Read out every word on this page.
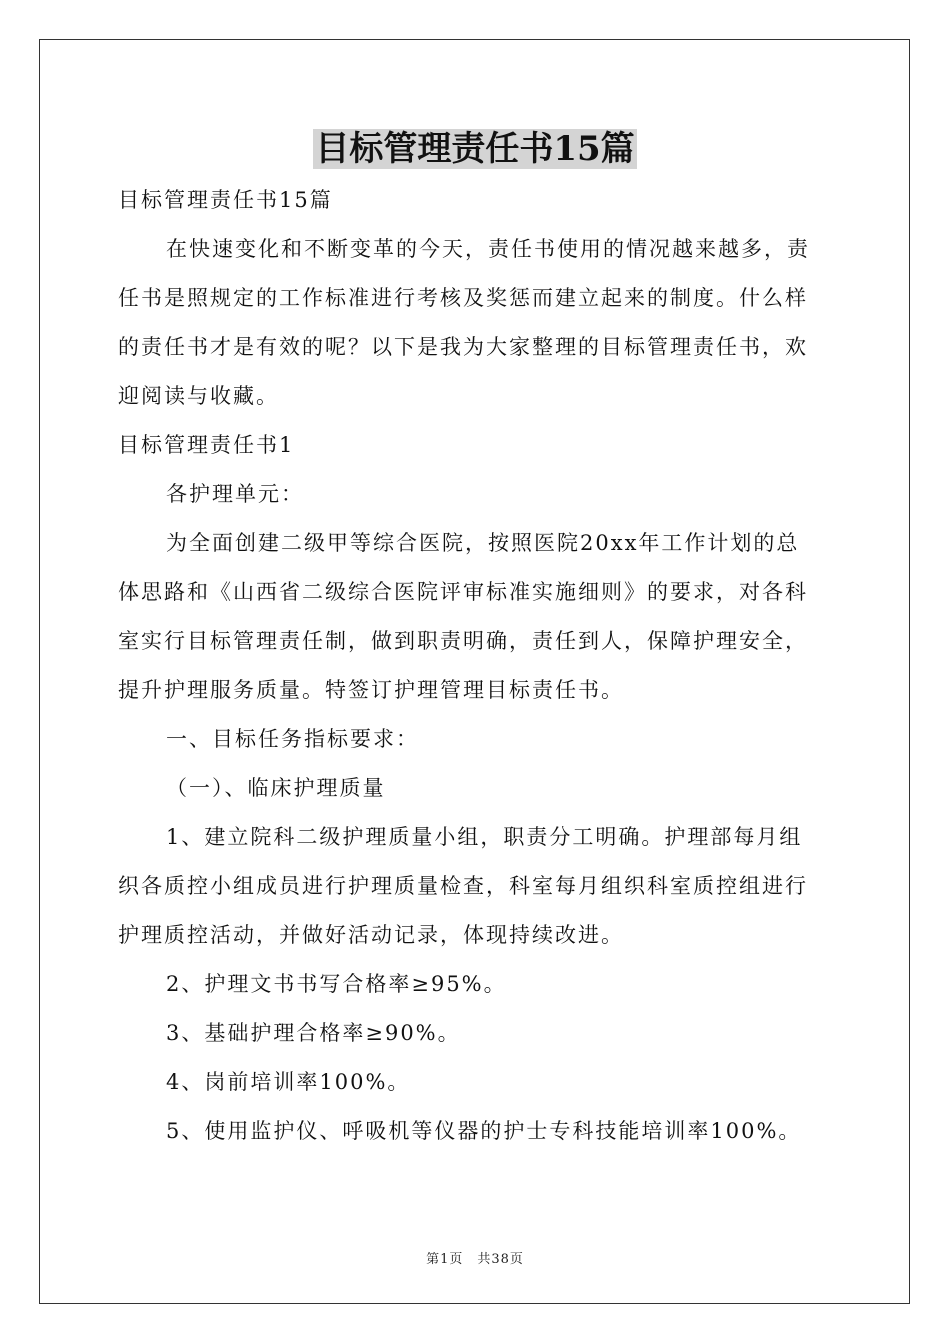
目标管理责任书15篇
目标管理责任书15篇
在快速变化和不断变革的今天，责任书使用的情况越来越多，责
任书是照规定的工作标准进行考核及奖惩而建立起来的制度。什么样
的责任书才是有效的呢？以下是我为大家整理的目标管理责任书，欢
迎阅读与收藏。
目标管理责任书1
各护理单元：
为全面创建二级甲等综合医院，按照医院20xx年工作计划的总
体思路和《山西省二级综合医院评审标准实施细则》的要求，对各科
室实行目标管理责任制，做到职责明确，责任到人，保障护理安全，
提升护理服务质量。特签订护理管理目标责任书。
一、目标任务指标要求：
（一）、临床护理质量
1、建立院科二级护理质量小组，职责分工明确。护理部每月组
织各质控小组成员进行护理质量检查，科室每月组织科室质控组进行
护理质控活动，并做好活动记录，体现持续改进。
2、护理文书书写合格率≥95%。
3、基础护理合格率≥90%。
4、岗前培训率100%。
5、使用监护仪、呼吸机等仪器的护士专科技能培训率100%。
第1页　共38页
